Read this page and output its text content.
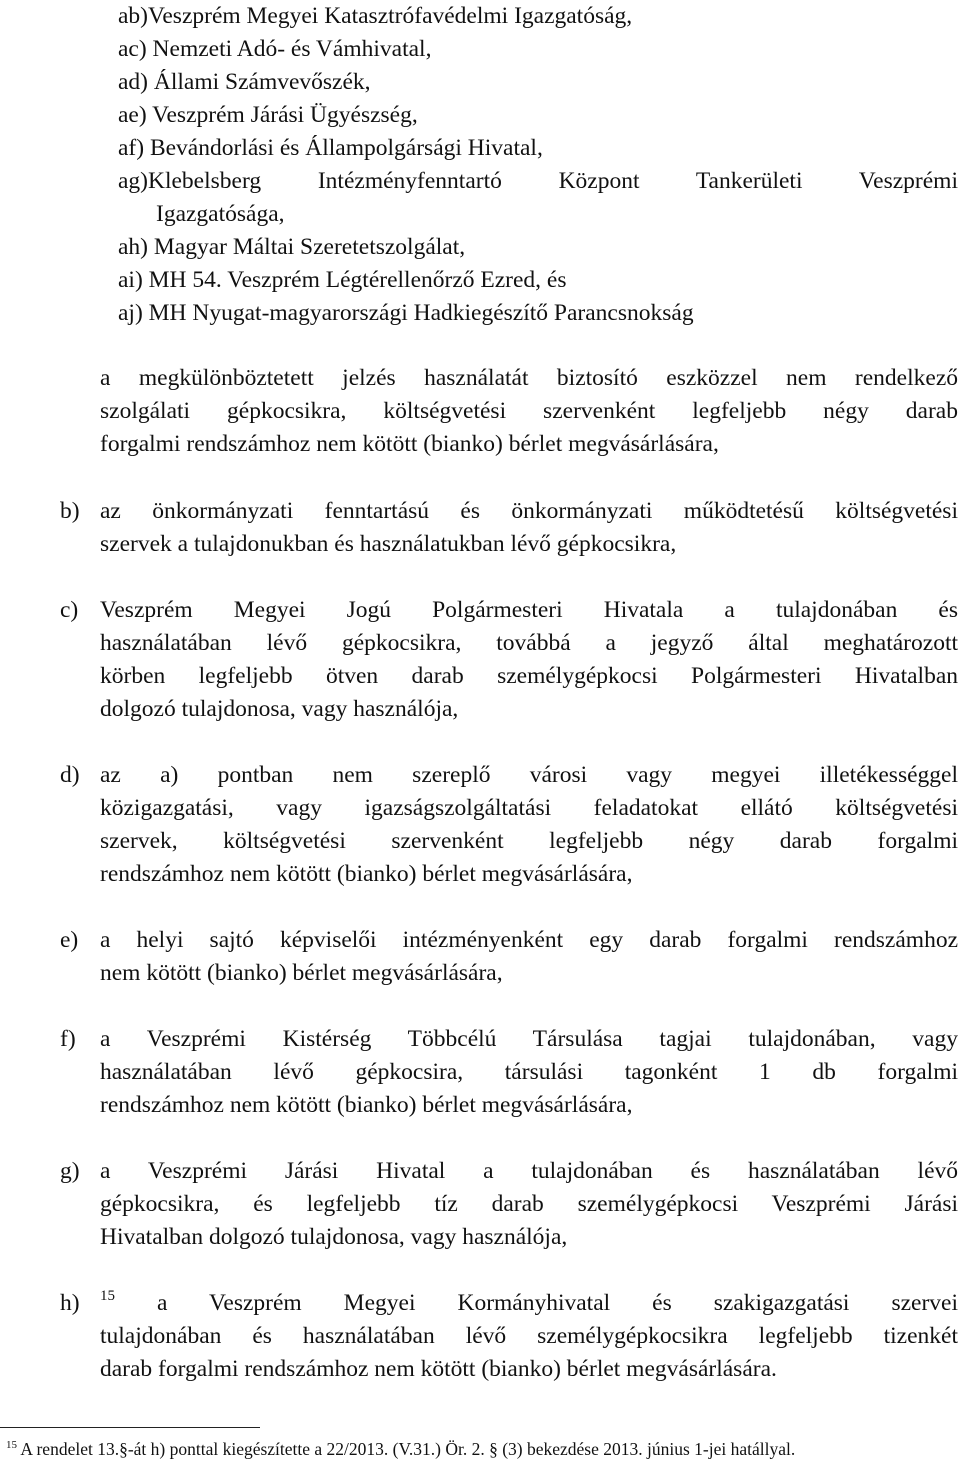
ab)Veszprém Megyei Katasztrófavédelmi Igazgatóság,
ac) Nemzeti Adó- és Vámhivatal,
ad) Állami Számvevőszék,
ae) Veszprém Járási Ügyészség,
af) Bevándorlási és Állampolgársági Hivatal,
ag)Klebelsberg Intézményfenntartó Központ Tankerületi Veszprémi
Igazgatósága,
ah) Magyar Máltai Szeretetszolgálat,
ai) MH 54. Veszprém Légtérellenőrző Ezred, és
aj) MH Nyugat-magyarországi Hadkiegészítő Parancsnokság
a megkülönböztetett jelzés használatát biztosító eszközzel nem rendelkező
szolgálati gépkocsikra, költségvetési szervenként legfeljebb négy darab
forgalmi rendszámhoz nem kötött (bianko) bérlet megvásárlására,
b) az önkormányzati fenntartású és önkormányzati működtetésű költségvetési
szervek a tulajdonukban és használatukban lévő gépkocsikra,
c) Veszprém Megyei Jogú Polgármesteri Hivatala a tulajdonában és
használatában lévő gépkocsikra, továbbá a jegyző által meghatározott
körben legfeljebb ötven darab személygépkocsi Polgármesteri Hivatalban
dolgozó tulajdonosa, vagy használója,
d) az a) pontban nem szereplő városi vagy megyei illetékességgel
közigazgatási, vagy igazságszolgáltatási feladatokat ellátó költségvetési
szervek, költségvetési szervenként legfeljebb négy darab forgalmi
rendszámhoz nem kötött (bianko) bérlet megvásárlására,
e) a helyi sajtó képviselői intézményenként egy darab forgalmi rendszámhoz
nem kötött (bianko) bérlet megvásárlására,
f) a Veszprémi Kistérség Többcélú Társulása tagjai tulajdonában, vagy
használatában lévő gépkocsira, társulási tagonként 1 db forgalmi
rendszámhoz nem kötött (bianko) bérlet megvásárlására,
g) a Veszprémi Járási Hivatal a tulajdonában és használatában lévő
gépkocsikra, és legfeljebb tíz darab személygépkocsi Veszprémi Járási
Hivatalban dolgozó tulajdonosa, vagy használója,
h) $^{15}$ a Veszprém Megyei Kormányhivatal és szakigazgatási szervei
tulajdonában és használatában lévő személygépkocsikra legfeljebb tizenkét
darab forgalmi rendszámhoz nem kötött (bianko) bérlet megvásárlására.
$^{15}$ A rendelet 13.§-át h) ponttal kiegészítette a 22/2013. (V.31.) Ör. 2. § (3) bekezdése 2013. június 1-jei hatállyal.
